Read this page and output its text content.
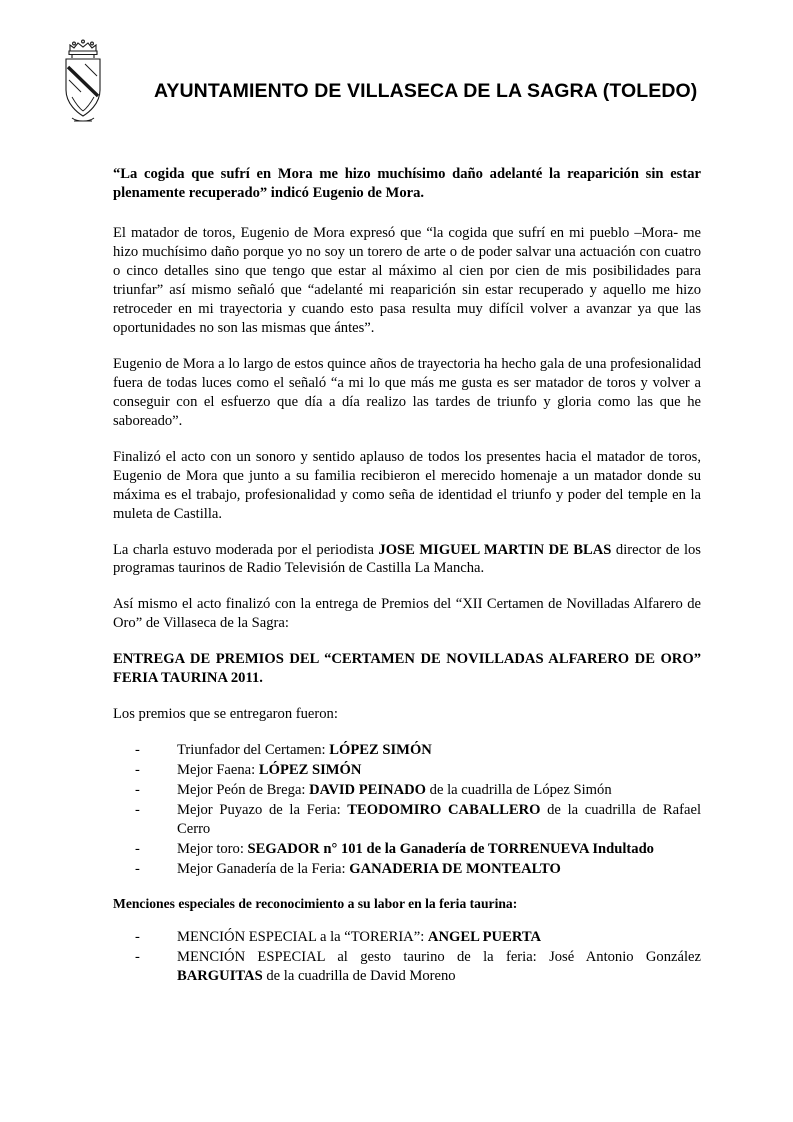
AYUNTAMIENTO DE VILLASECA DE LA SAGRA (TOLEDO)

“La cogida que sufrí en Mora me hizo muchísimo daño adelanté la reaparición sin estar plenamente recuperado” indicó Eugenio de Mora.

El matador de toros, Eugenio de Mora expresó que “la cogida que sufrí en mi pueblo –Mora- me hizo muchísimo daño porque yo no soy un torero de arte o de poder salvar una actuación con cuatro o cinco detalles sino que tengo que estar al máximo al cien por cien de mis posibilidades para triunfar” así mismo señaló que “adelanté mi reaparición sin estar recuperado y aquello me hizo retroceder en mi trayectoria y cuando esto pasa resulta muy difícil volver a avanzar ya que las oportunidades no son las mismas que ántes”.

Eugenio de Mora a lo largo de estos quince años de trayectoria ha hecho gala de una profesionalidad fuera de todas luces como el señaló “a mi lo que más me gusta es ser matador de toros y volver a conseguir con el esfuerzo que día a día realizo las tardes de triunfo y gloria como las que he saboreado”.

Finalizó el acto con un sonoro y sentido aplauso de todos los presentes hacia el matador de toros, Eugenio de Mora que junto a su familia recibieron el merecido homenaje a un matador donde su máxima es el trabajo, profesionalidad y como seña de identidad el triunfo y poder del temple en la muleta de Castilla.

La charla estuvo moderada por el periodista JOSE MIGUEL MARTIN DE BLAS director de los programas taurinos de Radio Televisión de Castilla La Mancha.

Así mismo el acto finalizó con la entrega de Premios del “XII Certamen de Novilladas Alfarero de Oro” de Villaseca de la Sagra:

ENTREGA DE PREMIOS DEL “CERTAMEN DE NOVILLADAS ALFARERO DE ORO” FERIA TAURINA 2011.

Los premios que se entregaron fueron:

-	Triunfador del Certamen: LÓPEZ SIMÓN
-	Mejor Faena: LÓPEZ SIMÓN
-	Mejor Peón de Brega: DAVID PEINADO de la cuadrilla de López Simón
-	Mejor Puyazo de la Feria: TEODOMIRO CABALLERO de la cuadrilla de Rafael Cerro
-	Mejor toro: SEGADOR n° 101 de la Ganadería de TORRENUEVA Indultado
-	Mejor Ganadería de la Feria: GANADERIA DE MONTEALTO

Menciones especiales de reconocimiento a su labor en la feria taurina:

-	MENCIÓN ESPECIAL a la “TORERIA”: ANGEL PUERTA
-	MENCIÓN ESPECIAL al gesto taurino de la feria: José Antonio González BARGUITAS de la cuadrilla de David Moreno
